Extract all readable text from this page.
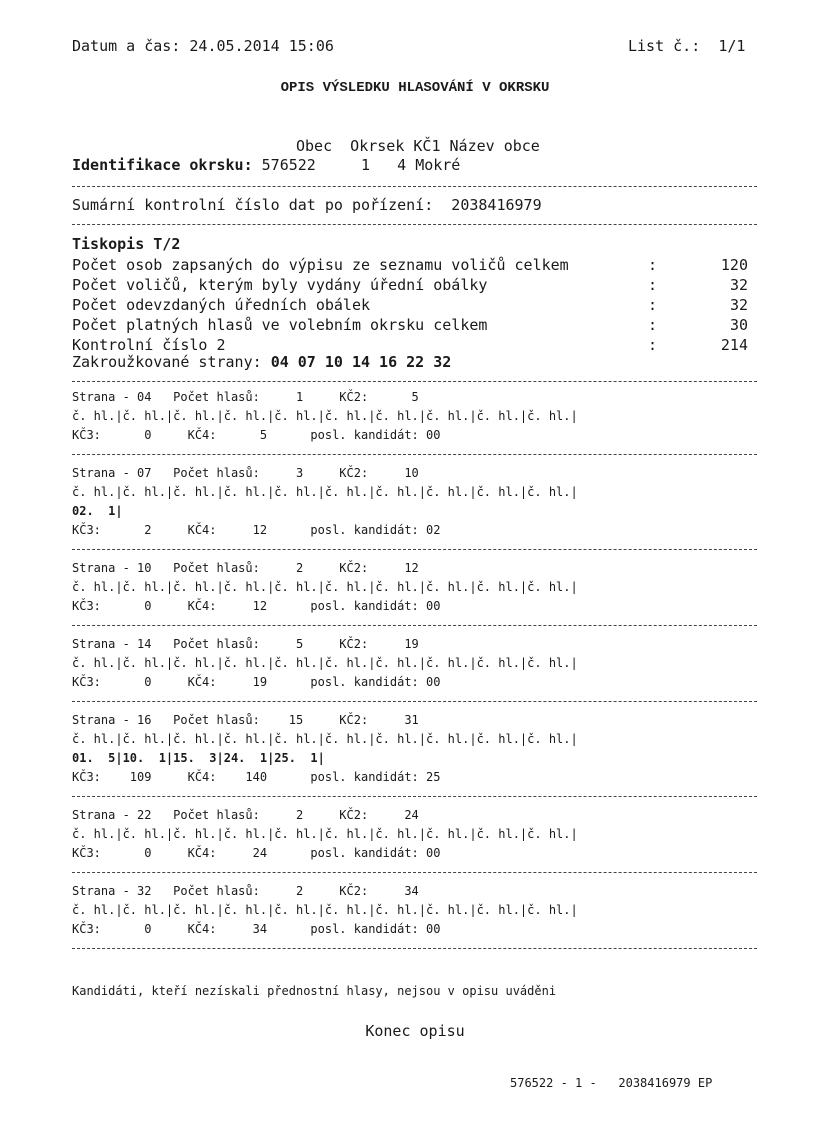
Datum a čas: 24.05.2014 15:06	List č.: 1/1
OPIS VÝSLEDKU HLASOVÁNÍ V OKRSKU
Obec  Okrsek KČ1 Název obce
Identifikace okrsku: 576522	1 4 Mokré
Sumární kontrolní číslo dat po pořízení: 2038416979
Tiskopis T/2
Počet osob zapsaných do výpisu ze seznamu voličů celkem	:	120
Počet voličů, kterým byly vydány úřední obálky	:	32
Počet odevzdaných úředních obálek	:	32
Počet platných hlasů ve volebním okrsku celkem	:	30
Kontrolní číslo 2	:	214
Zakroužkované strany: 04 07 10 14 16 22 32
Strana - 04   Počet hlasů:     1     KČ2:      5
č. hl.|č. hl.|č. hl.|č. hl.|č. hl.|č. hl.|č. hl.|č. hl.|č. hl.|č. hl.|
KČ3:      0     KČ4:      5      posl. kandidát: 00
Strana - 07   Počet hlasů:     3     KČ2:     10
č. hl.|č. hl.|č. hl.|č. hl.|č. hl.|č. hl.|č. hl.|č. hl.|č. hl.|č. hl.|
02.  1|
KČ3:      2     KČ4:     12      posl. kandidát: 02
Strana - 10   Počet hlasů:     2     KČ2:     12
č. hl.|č. hl.|č. hl.|č. hl.|č. hl.|č. hl.|č. hl.|č. hl.|č. hl.|č. hl.|
KČ3:      0     KČ4:     12      posl. kandidát: 00
Strana - 14   Počet hlasů:     5     KČ2:     19
č. hl.|č. hl.|č. hl.|č. hl.|č. hl.|č. hl.|č. hl.|č. hl.|č. hl.|č. hl.|
KČ3:      0     KČ4:     19      posl. kandidát: 00
Strana - 16   Počet hlasů:    15     KČ2:     31
č. hl.|č. hl.|č. hl.|č. hl.|č. hl.|č. hl.|č. hl.|č. hl.|č. hl.|č. hl.|
01.  5|10.  1|15.  3|24.  1|25.  1|
KČ3:    109     KČ4:    140      posl. kandidát: 25
Strana - 22   Počet hlasů:     2     KČ2:     24
č. hl.|č. hl.|č. hl.|č. hl.|č. hl.|č. hl.|č. hl.|č. hl.|č. hl.|č. hl.|
KČ3:      0     KČ4:     24      posl. kandidát: 00
Strana - 32   Počet hlasů:     2     KČ2:     34
č. hl.|č. hl.|č. hl.|č. hl.|č. hl.|č. hl.|č. hl.|č. hl.|č. hl.|č. hl.|
KČ3:      0     KČ4:     34      posl. kandidát: 00
Kandidáti, kteří nezískali přednostní hlasy, nejsou v opisu uváděni
Konec opisu
576522 - 1 -   2038416979 EP
